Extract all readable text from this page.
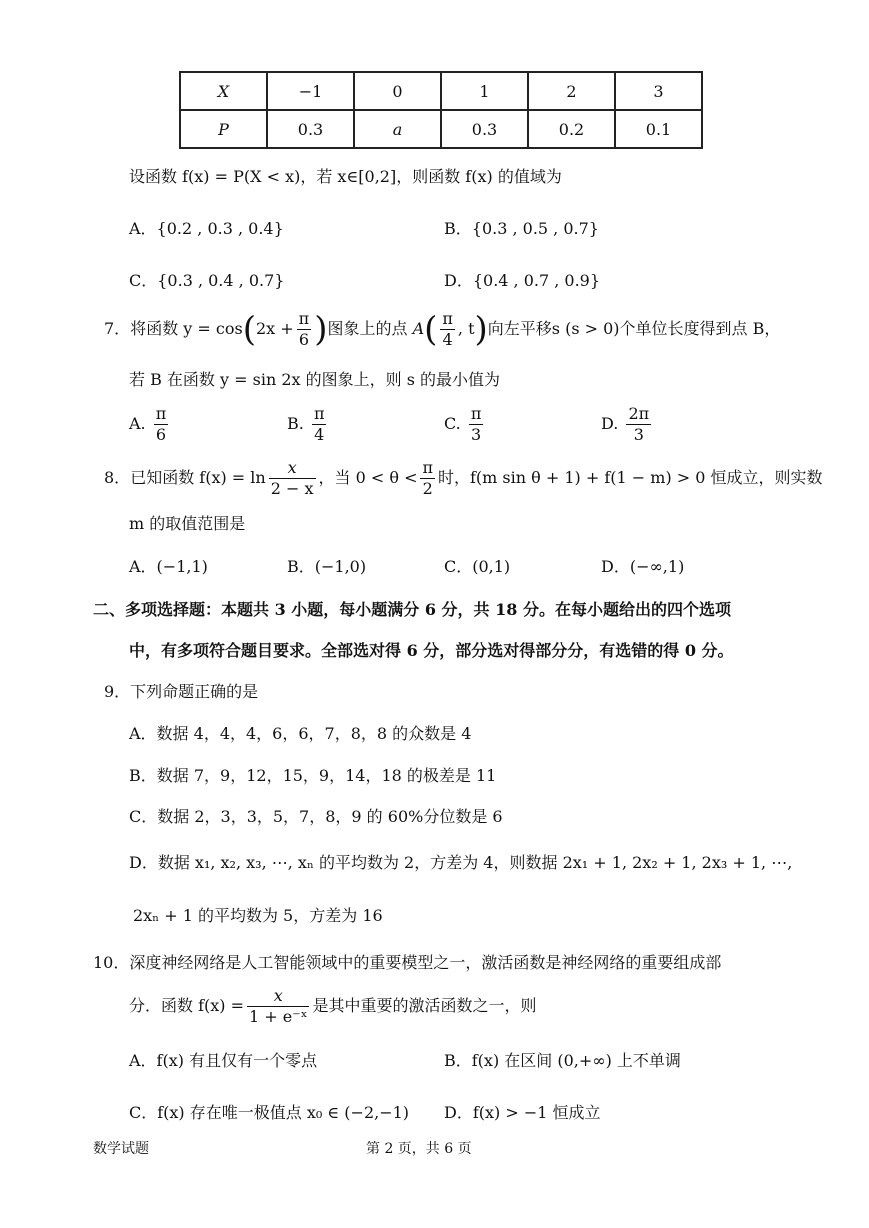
X	−1	0	1	2	3
P	0.3	a	0.3	0.2	0.1
设函数 f(x) = P(X < x)，若 x∈[0,2]，则函数 f(x) 的值域为
A．{0.2 , 0.3 , 0.4}	B．{0.3 , 0.5 , 0.7}
C．{0.3 , 0.4 , 0.7}	D．{0.4 , 0.7 , 0.9}
7．将函数 $y = \cos(2x + \frac{\pi}{6}$ )图象上的点 $A( \frac{\pi}{4}$ , t)向左平移s (s > 0)个单位长度得到点 B，
若 B 在函数 y = sin 2x 的图象上，则 s 的最小值为
A. $\frac{\pi}{6}$	B. $\frac{\pi}{4}$	C. $\frac{\pi}{3}$	D. $\frac{2\pi}{3}$
8．已知函数 $f(x) = \ln \frac{x}{2 - x}$ ，当 $0 < \theta < \frac{\pi}{2}$ 时，f(m sin θ + 1) + f(1 − m) > 0 恒成立，则实数
m 的取值范围是
A．(−1,1)	B．(−1,0)	C．(0,1)	D．(−∞,1)
二、多项选择题：本题共 3 小题，每小题满分 6 分，共 18 分。在每小题给出的四个选项
中，有多项符合题目要求。全部选对得 6 分，部分选对得部分分，有选错的得 0 分。
9．下列命题正确的是
A．数据 4，4，4，6，6，7，8，8 的众数是 4
B．数据 7，9，12，15，9，14，18 的极差是 11
C．数据 2，3，3，5，7，8，9 的 60%分位数是 6
D．数据 x₁, x₂, x₃, ⋯, xₙ 的平均数为 2，方差为 4，则数据 2x₁ + 1, 2x₂ + 1, 2x₃ + 1, ⋯,
2xₙ + 1 的平均数为 5，方差为 16
10．深度神经网络是人工智能领域中的重要模型之一，激活函数是神经网络的重要组成部
分．函数 $f(x) = \frac{x}{\text{1 + e⁻ˣ}}$ 是其中重要的激活函数之一，则
A．f(x) 有且仅有一个零点	B．f(x) 在区间 (0,+∞) 上不单调
C．f(x) 存在唯一极值点 x₀ ∈ (−2,−1) D．f(x) > −1 恒成立
数学试题	第 2 页，共 6 页
